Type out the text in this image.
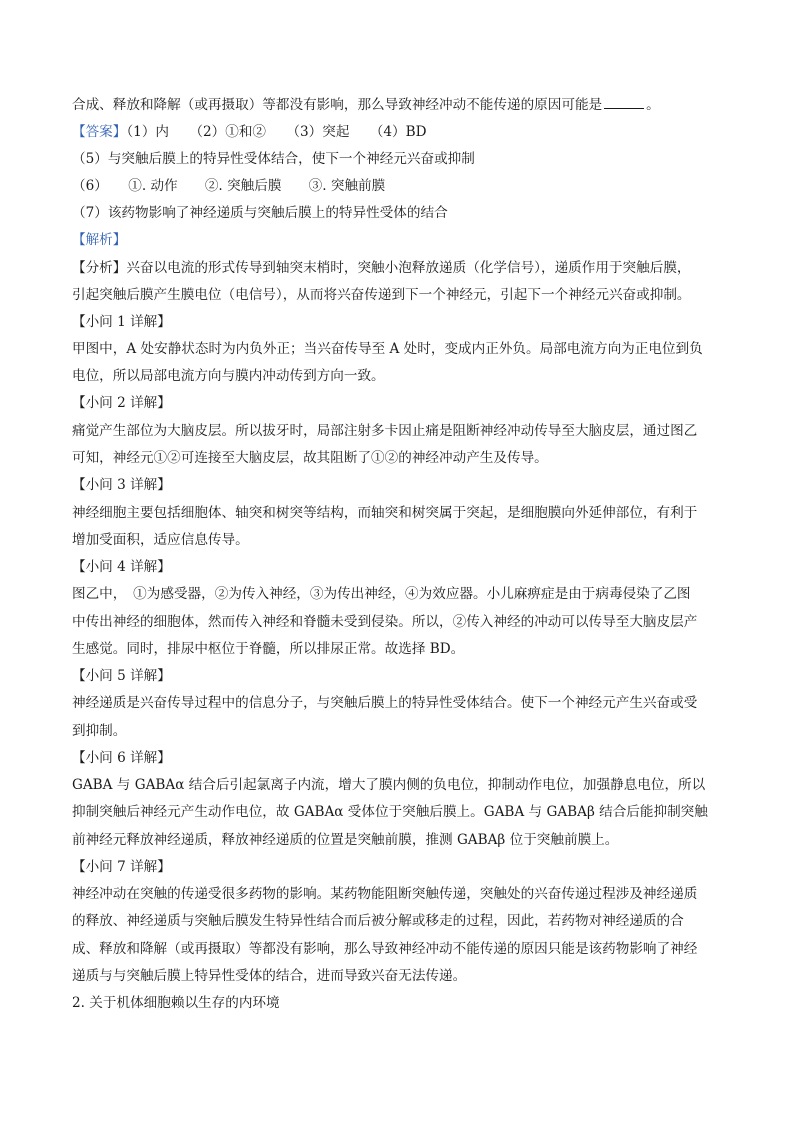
合成、释放和降解（或再摄取）等都没有影响，那么导致神经冲动不能传递的原因可能是	。
【答案】（1）内　　（2）①和②　　（3）突起　　（4）BD
（5）与突触后膜上的特异性受体结合，使下一个神经元兴奋或抑制
（6）　　①. 动作　　②. 突触后膜　　③. 突触前膜
（7）该药物影响了神经递质与突触后膜上的特异性受体的结合
【解析】
【分析】兴奋以电流的形式传导到轴突末梢时，突触小泡释放递质（化学信号），递质作用于突触后膜，
引起突触后膜产生膜电位（电信号），从而将兴奋传递到下一个神经元，引起下一个神经元兴奋或抑制。
【小问 1 详解】
甲图中，A 处安静状态时为内负外正；当兴奋传导至 A 处时，变成内正外负。局部电流方向为正电位到负
电位，所以局部电流方向与膜内冲动传到方向一致。
【小问 2 详解】
痛觉产生部位为大脑皮层。所以拔牙时，局部注射多卡因止痛是阻断神经冲动传导至大脑皮层，通过图乙
可知，神经元①②可连接至大脑皮层，故其阻断了①②的神经冲动产生及传导。
【小问 3 详解】
神经细胞主要包括细胞体、轴突和树突等结构，而轴突和树突属于突起，是细胞膜向外延伸部位，有利于
增加受面积，适应信息传导。
【小问 4 详解】
图乙中，　①为感受器，②为传入神经，③为传出神经，④为效应器。小儿麻痹症是由于病毒侵染了乙图
中传出神经的细胞体，然而传入神经和脊髓未受到侵染。所以，②传入神经的冲动可以传导至大脑皮层产
生感觉。同时，排尿中枢位于脊髓，所以排尿正常。故选择 BD。
【小问 5 详解】
神经递质是兴奋传导过程中的信息分子，与突触后膜上的特异性受体结合。使下一个神经元产生兴奋或受
到抑制。
【小问 6 详解】
GABA 与 GABAα 结合后引起氯离子内流，增大了膜内侧的负电位，抑制动作电位，加强静息电位，所以
抑制突触后神经元产生动作电位，故 GABAα 受体位于突触后膜上。GABA 与 GABAβ 结合后能抑制突触
前神经元释放神经递质，释放神经递质的位置是突触前膜，推测 GABAβ 位于突触前膜上。
【小问 7 详解】
神经冲动在突触的传递受很多药物的影响。某药物能阻断突触传递，突触处的兴奋传递过程涉及神经递质
的释放、神经递质与突触后膜发生特异性结合而后被分解或移走的过程，因此，若药物对神经递质的合
成、释放和降解（或再摄取）等都没有影响，那么导致神经冲动不能传递的原因只能是该药物影响了神经
递质与与突触后膜上特异性受体的结合，进而导致兴奋无法传递。
2. 关于机体细胞赖以生存的内环境
